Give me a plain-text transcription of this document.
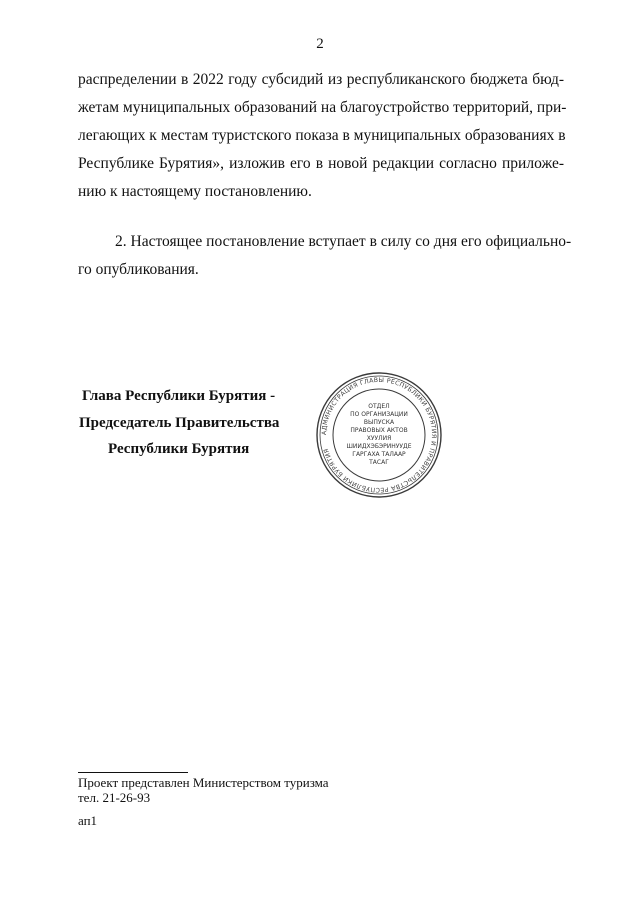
2
распределении в 2022 году субсидий из республиканского бюджета бюд-
жетам муниципальных образований на благоустройство территорий, при-
легающих к местам туристского показа в муниципальных образованиях в
Республике Бурятия», изложив его в новой редакции согласно приложе-
нию к настоящему постановлению.
2. Настоящее постановление вступает в силу со дня его официально-
го опубликования.
Глава Республики Бурятия -
Председатель Правительства
Республики Бурятия
АДМИНИСТРАЦИЯ ГЛАВЫ РЕСПУБЛИКИ БУРЯТИЯ И ПРАВИТЕЛЬСТВА РЕСПУБЛИКИ БУРЯТИЯ
ОТДЕЛ
ПО ОРГАНИЗАЦИИ
ВЫПУСКА
ПРАВОВЫХ АКТОВ
ХУУЛИЯ
ШИИДХЭБЭРИНУУДЕ
ГАРГАХА ТАЛААР
ТАСАГ
Проект представлен Министерством туризма
тел. 21-26-93
ап1
